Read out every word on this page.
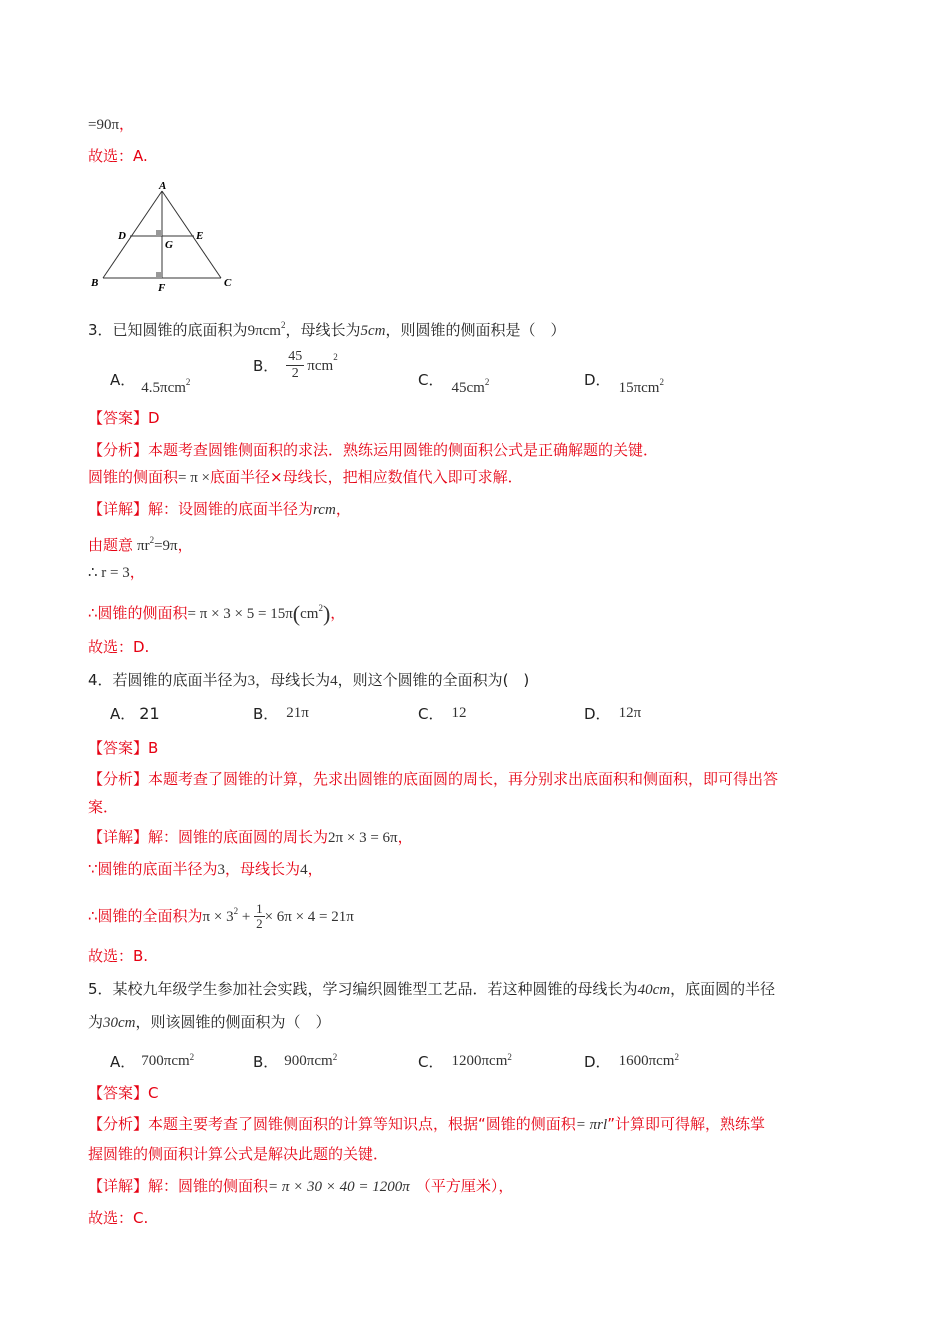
=90π，
故选：A.
A
D	E
G
B	F	C
3．已知圆锥的底面积为9πcm$^2$，母线长为5cm，则圆锥的侧面积是（　）
A． 4.5πcm2
B． $\frac{45}{2} \pi cm^2$
C． 45cm2	D． 15πcm2
【答案】D
【分析】本题考查圆锥侧面积的求法．熟练运用圆锥的侧面积公式是正确解题的关键．
圆锥的侧面积= π ×底面半径×母线长，把相应数值代入即可求解．
【详解】解：设圆锥的底面半径为rcm，
由题意 $\pi r^2=9\pi$，
∴ r = 3，
∴圆锥的侧面积= $\pi \times 3 \times 5 = 15\pi(cm^2)$，
故选：D.
4．若圆锥的底面半径为3，母线长为4，则这个圆锥的全面积为(　)
A． 21	B． 21π	C． 12	D． 12π
【答案】B
【分析】本题考查了圆锥的计算，先求出圆锥的底面圆的周长，再分别求出底面积和侧面积，即可得出答
案．
【详解】解：圆锥的底面圆的周长为2π × 3 = 6π，
∵圆锥的底面半径为3，母线长为4，
∴圆锥的全面积为$\pi \times 3^2 + \frac{1}{2} \times 6\pi \times 4 = 21\pi$
故选：B.
5．某校九年级学生参加社会实践，学习编织圆锥型工艺品．若这种圆锥的母线长为40cm，底面圆的半径
为30cm，则该圆锥的侧面积为（　）
A． 700πcm$^2$	B． 900πcm$^2$	C． 1200πcm$^2$	D． 1600πcm$^2$
【答案】C
【分析】本题主要考查了圆锥侧面积的计算等知识点，根据“圆锥的侧面积= πrl”计算即可得解，熟练掌
握圆锥的侧面积计算公式是解决此题的关键．
【详解】解：圆锥的侧面积= π × 30 × 40 = 1200π （平方厘米），
故选：C.
